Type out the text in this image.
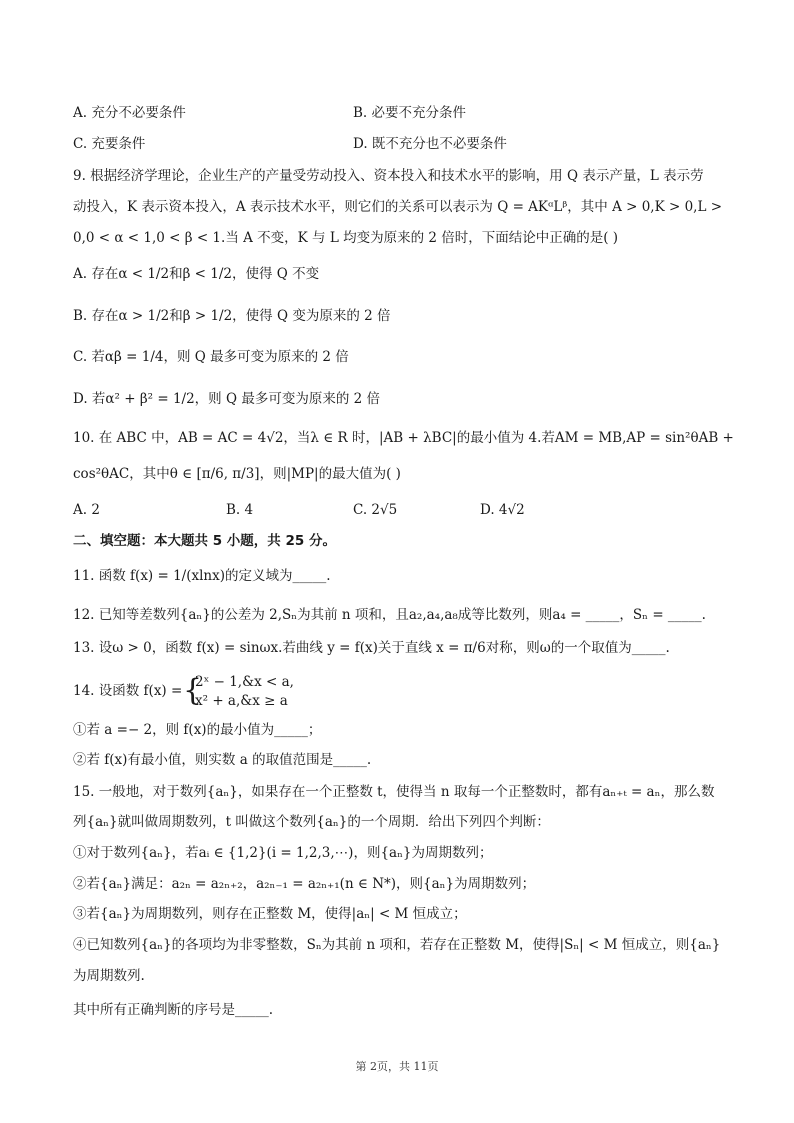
A. 充分不必要条件	B. 必要不充分条件
C. 充要条件	D. 既不充分也不必要条件
9. 根据经济学理论，企业生产的产量受劳动投入、资本投入和技术水平的影响，用 Q 表示产量，L 表示劳
动投入，K 表示资本投入，A 表示技术水平，则它们的关系可以表示为 Q = AKᵅLᵝ，其中 A > 0,K > 0,L >
0,0 < α < 1,0 < β < 1.当 A 不变，K 与 L 均变为原来的 2 倍时，下面结论中正确的是( )
A. 存在α < 1/2和β < 1/2，使得 Q 不变
B. 存在α > 1/2和β > 1/2，使得 Q 变为原来的 2 倍
C. 若αβ = 1/4，则 Q 最多可变为原来的 2 倍
D. 若α² + β² = 1/2，则 Q 最多可变为原来的 2 倍
10. 在 ABC 中，AB = AC = 4√2，当λ ∈ R 时，|AB + λBC|的最小值为 4.若AM = MB,AP = sin²θAB +
cos²θAC，其中θ ∈ [π/6, π/3]，则|MP|的最大值为( )
A. 2	B. 4	C. 2√5	D. 4√2
二、填空题：本大题共 5 小题，共 25 分。
11. 函数 f(x) = 1/(xlnx)的定义域为_____.
12. 已知等差数列{aₙ}的公差为 2,Sₙ为其前 n 项和，且a₂,a₄,a₈成等比数列，则a₄ = _____，Sₙ = _____.
13. 设ω > 0，函数 f(x) = sinωx.若曲线 y = f(x)关于直线 x = π/6对称，则ω的一个取值为_____.
14. 设函数 f(x) = {
2ˣ − 1,&x < a,
x² + a,&x ≥ a
①若 a =− 2，则 f(x)的最小值为_____；
②若 f(x)有最小值，则实数 a 的取值范围是_____.
15. 一般地，对于数列{aₙ}，如果存在一个正整数 t，使得当 n 取每一个正整数时，都有aₙ₊ₜ = aₙ，那么数
列{aₙ}就叫做周期数列，t 叫做这个数列{aₙ}的一个周期．给出下列四个判断：
①对于数列{aₙ}，若aᵢ ∈ {1,2}(i = 1,2,3,⋯)，则{aₙ}为周期数列；
②若{aₙ}满足：a₂ₙ = a₂ₙ₊₂，a₂ₙ₋₁ = a₂ₙ₊₁(n ∈ N*)，则{aₙ}为周期数列；
③若{aₙ}为周期数列，则存在正整数 M，使得|aₙ| < M 恒成立；
④已知数列{aₙ}的各项均为非零整数，Sₙ为其前 n 项和，若存在正整数 M，使得|Sₙ| < M 恒成立，则{aₙ}
为周期数列.
其中所有正确判断的序号是_____.
第 2页，共 11页
